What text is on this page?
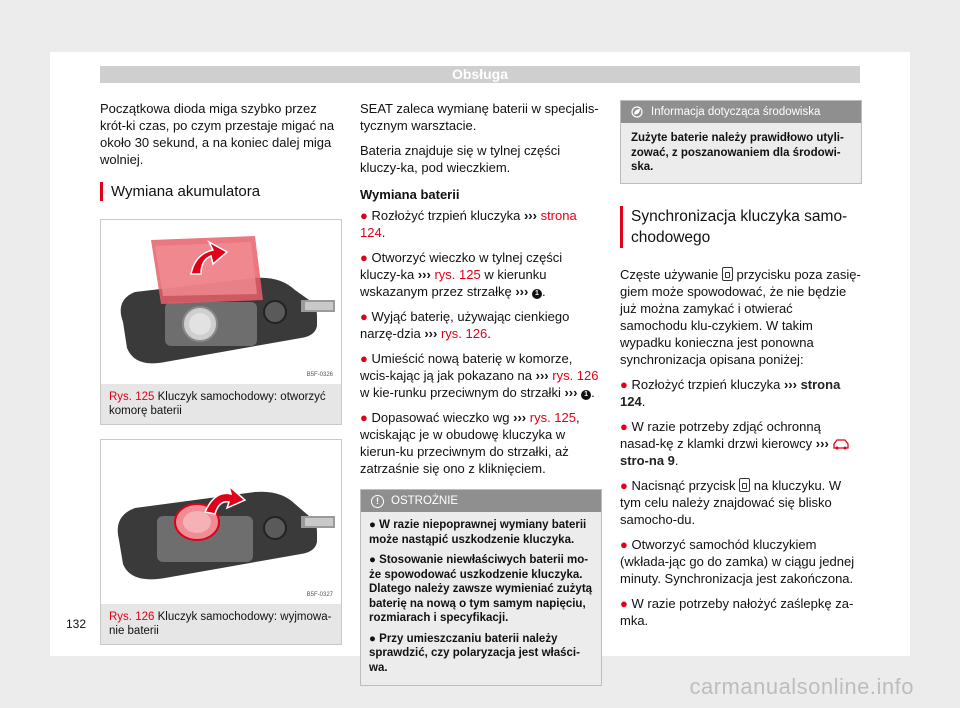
Obsługa

Początkowa dioda miga szybko przez krót-ki czas, po czym przestaje migać na około 30 sekund, a na koniec dalej miga wolniej.

Wymiana akumulatora
B5F-0326
Rys. 125 Kluczyk samochodowy: otworzyć komorę baterii
B5F-0327
Rys. 126 Kluczyk samochodowy: wyjmowa-nie baterii

SEAT zaleca wymianę baterii w specjalis-tycznym warsztacie.

Bateria znajduje się w tylnej części kluczy-ka, pod wieczkiem.

Wymiana baterii

● Rozłożyć trzpień kluczyka ››› strona 124.

● Otworzyć wieczko w tylnej części kluczy-ka ››› rys. 125 w kierunku wskazanym przez strzałkę ››› 1 .

● Wyjąć baterię, używając cienkiego narzę-dzia ››› rys. 126.

● Umieścić nową baterię w komorze, wcis-kając ją jak pokazano na ››› rys. 126 w kie-runku przeciwnym do strzałki ››› 1 .

● Dopasować wieczko wg ››› rys. 125, wciskając je w obudowę kluczyka w kierun-ku przeciwnym do strzałki, aż zatrzaśnie się ono z kliknięciem.

!	OSTROŻNIE

● W razie niepoprawnej wymiany baterii może nastąpić uszkodzenie kluczyka.

● Stosowanie niewłaściwych baterii mo-że spowodować uszkodzenie kluczyka. Dlatego należy zawsze wymieniać zużytą baterię na nową o tym samym napięciu, rozmiarach i specyfikacji.

● Przy umieszczaniu baterii należy sprawdzić, czy polaryzacja jest właści-wa.

Informacja dotycząca środowiska
Zużyte baterie należy prawidłowo utyli-zować, z poszanowaniem dla środowi-ska.
Synchronizacja kluczyka samo-chodowego

Częste używanie przycisku poza zasię-giem może spowodować, że nie będzie już można zamykać i otwierać samochodu klu-czykiem. W takim wypadku konieczna jest ponowna synchronizacja opisana poniżej:

● Rozłożyć trzpień kluczyka ››› strona 124.

● W razie potrzeby zdjąć ochronną nasad-kę z klamki drzwi kierowcy ›››  stro-na 9.

● Nacisnąć przycisk na kluczyku. W tym celu należy znajdować się blisko samocho-du.

● Otworzyć samochód kluczykiem (wkłada-jąc go do zamka) w ciągu jednej minuty. Synchronizacja jest zakończona.

● W razie potrzeby nałożyć zaślepkę za-mka.

132
carmanualsonline.info
